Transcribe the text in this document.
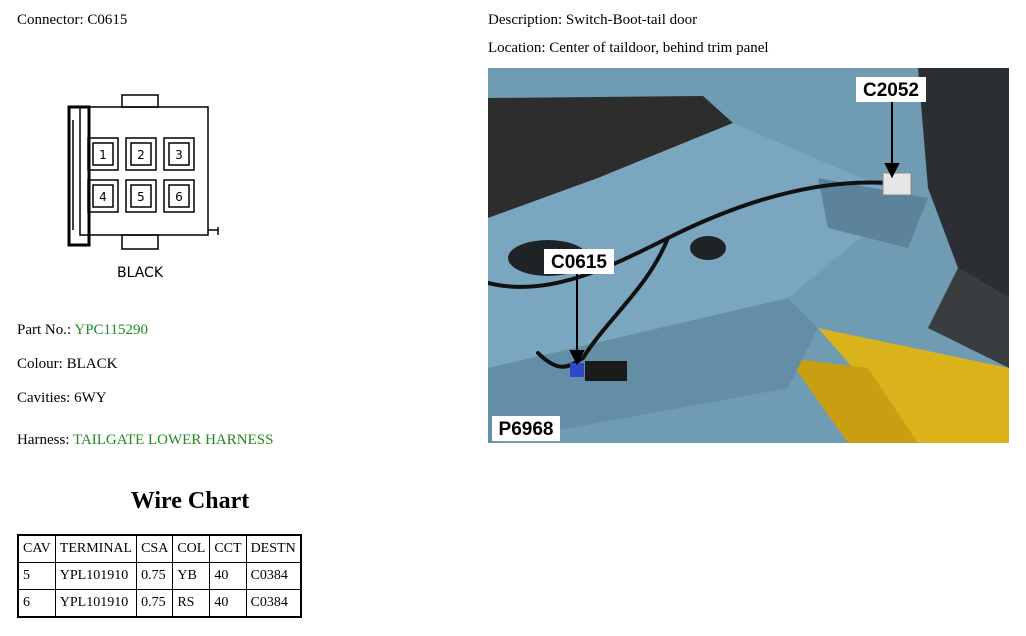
Connector: C0615	Description: Switch-Boot-tail door
Location: Center of taildoor, behind trim panel
1	2	3
4	5	6
BLACK
C2052
C0615
P6968
Part No.: YPC115290
Colour: BLACK
Cavities: 6WY
Harness: TAILGATE LOWER HARNESS
Wire Chart
CAV	TERMINAL	CSA	COL	CCT	DESTN
5	YPL101910	0.75	YB	40	C0384
6	YPL101910	0.75	RS	40	C0384
